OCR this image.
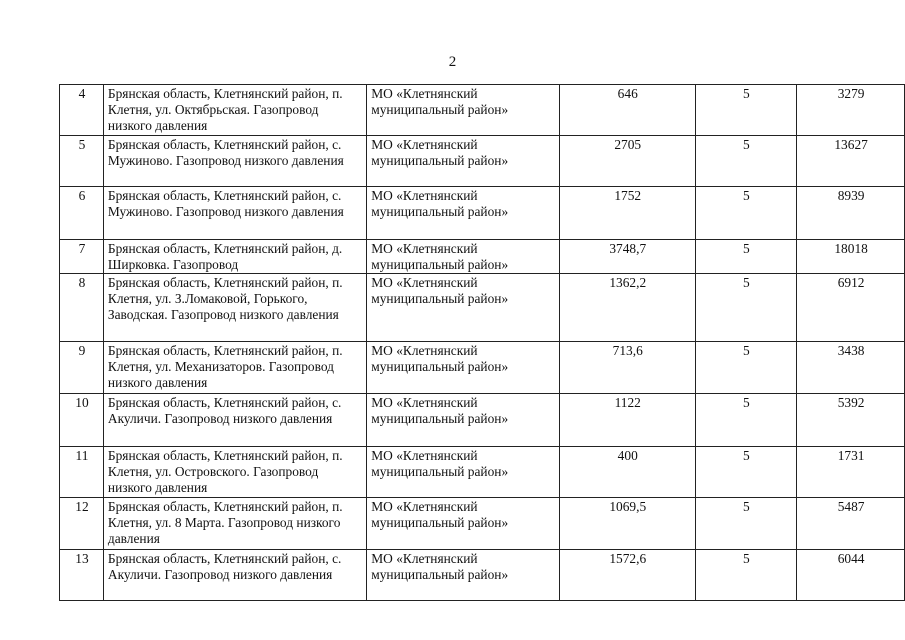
2
4	Брянская область, Клетнянский район, п. Клетня, ул. Октябрьская. Газопровод низкого давления	МО «Клетнянский муниципальный район»	646	5	3279
5	Брянская область, Клетнянский район, с. Мужиново. Газопровод низкого давления	МО «Клетнянский муниципальный район»	2705	5	13627
6	Брянская область, Клетнянский район, с. Мужиново. Газопровод низкого давления	МО «Клетнянский муниципальный район»	1752	5	8939
7	Брянская область, Клетнянский район, д. Ширковка. Газопровод	МО «Клетнянский муниципальный район»	3748,7	5	18018
8	Брянская область, Клетнянский район, п. Клетня, ул. З.Ломаковой, Горького, Заводская. Газопровод низкого давления	МО «Клетнянский муниципальный район»	1362,2	5	6912
9	Брянская область, Клетнянский район, п. Клетня, ул. Механизаторов. Газопровод низкого давления	МО «Клетнянский муниципальный район»	713,6	5	3438
10	Брянская область, Клетнянский район, с. Акуличи. Газопровод низкого давления	МО «Клетнянский муниципальный район»	1122	5	5392
11	Брянская область, Клетнянский район, п. Клетня, ул. Островского. Газопровод низкого давления	МО «Клетнянский муниципальный район»	400	5	1731
12	Брянская область, Клетнянский район, п. Клетня, ул. 8 Марта. Газопровод низкого давления	МО «Клетнянский муниципальный район»	1069,5	5	5487
13	Брянская область, Клетнянский район, с. Акуличи. Газопровод низкого давления	МО «Клетнянский муниципальный район»	1572,6	5	6044
